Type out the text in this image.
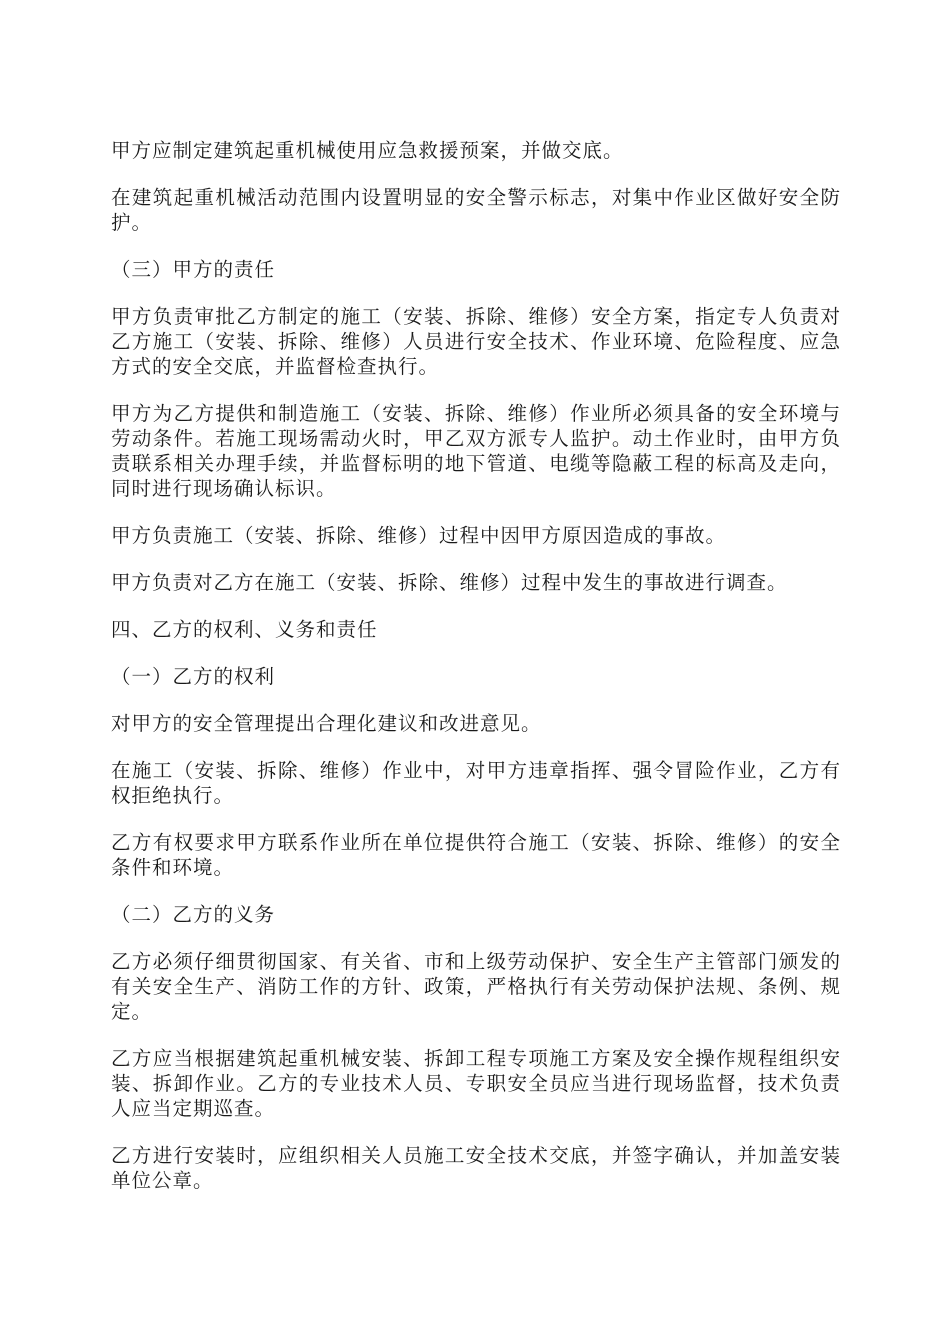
甲方应制定建筑起重机械使用应急救援预案，并做交底。

在建筑起重机械活动范围内设置明显的安全警示标志，对集中作业区做好安全防护。

（三）甲方的责任

甲方负责审批乙方制定的施工（安装、拆除、维修）安全方案，指定专人负责对乙方施工（安装、拆除、维修）人员进行安全技术、作业环境、危险程度、应急方式的安全交底，并监督检查执行。

甲方为乙方提供和制造施工（安装、拆除、维修）作业所必须具备的安全环境与劳动条件。若施工现场需动火时，甲乙双方派专人监护。动土作业时，由甲方负责联系相关办理手续，并监督标明的地下管道、电缆等隐蔽工程的标高及走向，同时进行现场确认标识。

甲方负责施工（安装、拆除、维修）过程中因甲方原因造成的事故。

甲方负责对乙方在施工（安装、拆除、维修）过程中发生的事故进行调查。

四、乙方的权利、义务和责任

（一）乙方的权利

对甲方的安全管理提出合理化建议和改进意见。

在施工（安装、拆除、维修）作业中，对甲方违章指挥、强令冒险作业，乙方有权拒绝执行。

乙方有权要求甲方联系作业所在单位提供符合施工（安装、拆除、维修）的安全条件和环境。

（二）乙方的义务

乙方必须仔细贯彻国家、有关省、市和上级劳动保护、安全生产主管部门颁发的有关安全生产、消防工作的方针、政策，严格执行有关劳动保护法规、条例、规定。

乙方应当根据建筑起重机械安装、拆卸工程专项施工方案及安全操作规程组织安装、拆卸作业。乙方的专业技术人员、专职安全员应当进行现场监督，技术负责人应当定期巡查。

乙方进行安装时，应组织相关人员施工安全技术交底，并签字确认，并加盖安装单位公章。
